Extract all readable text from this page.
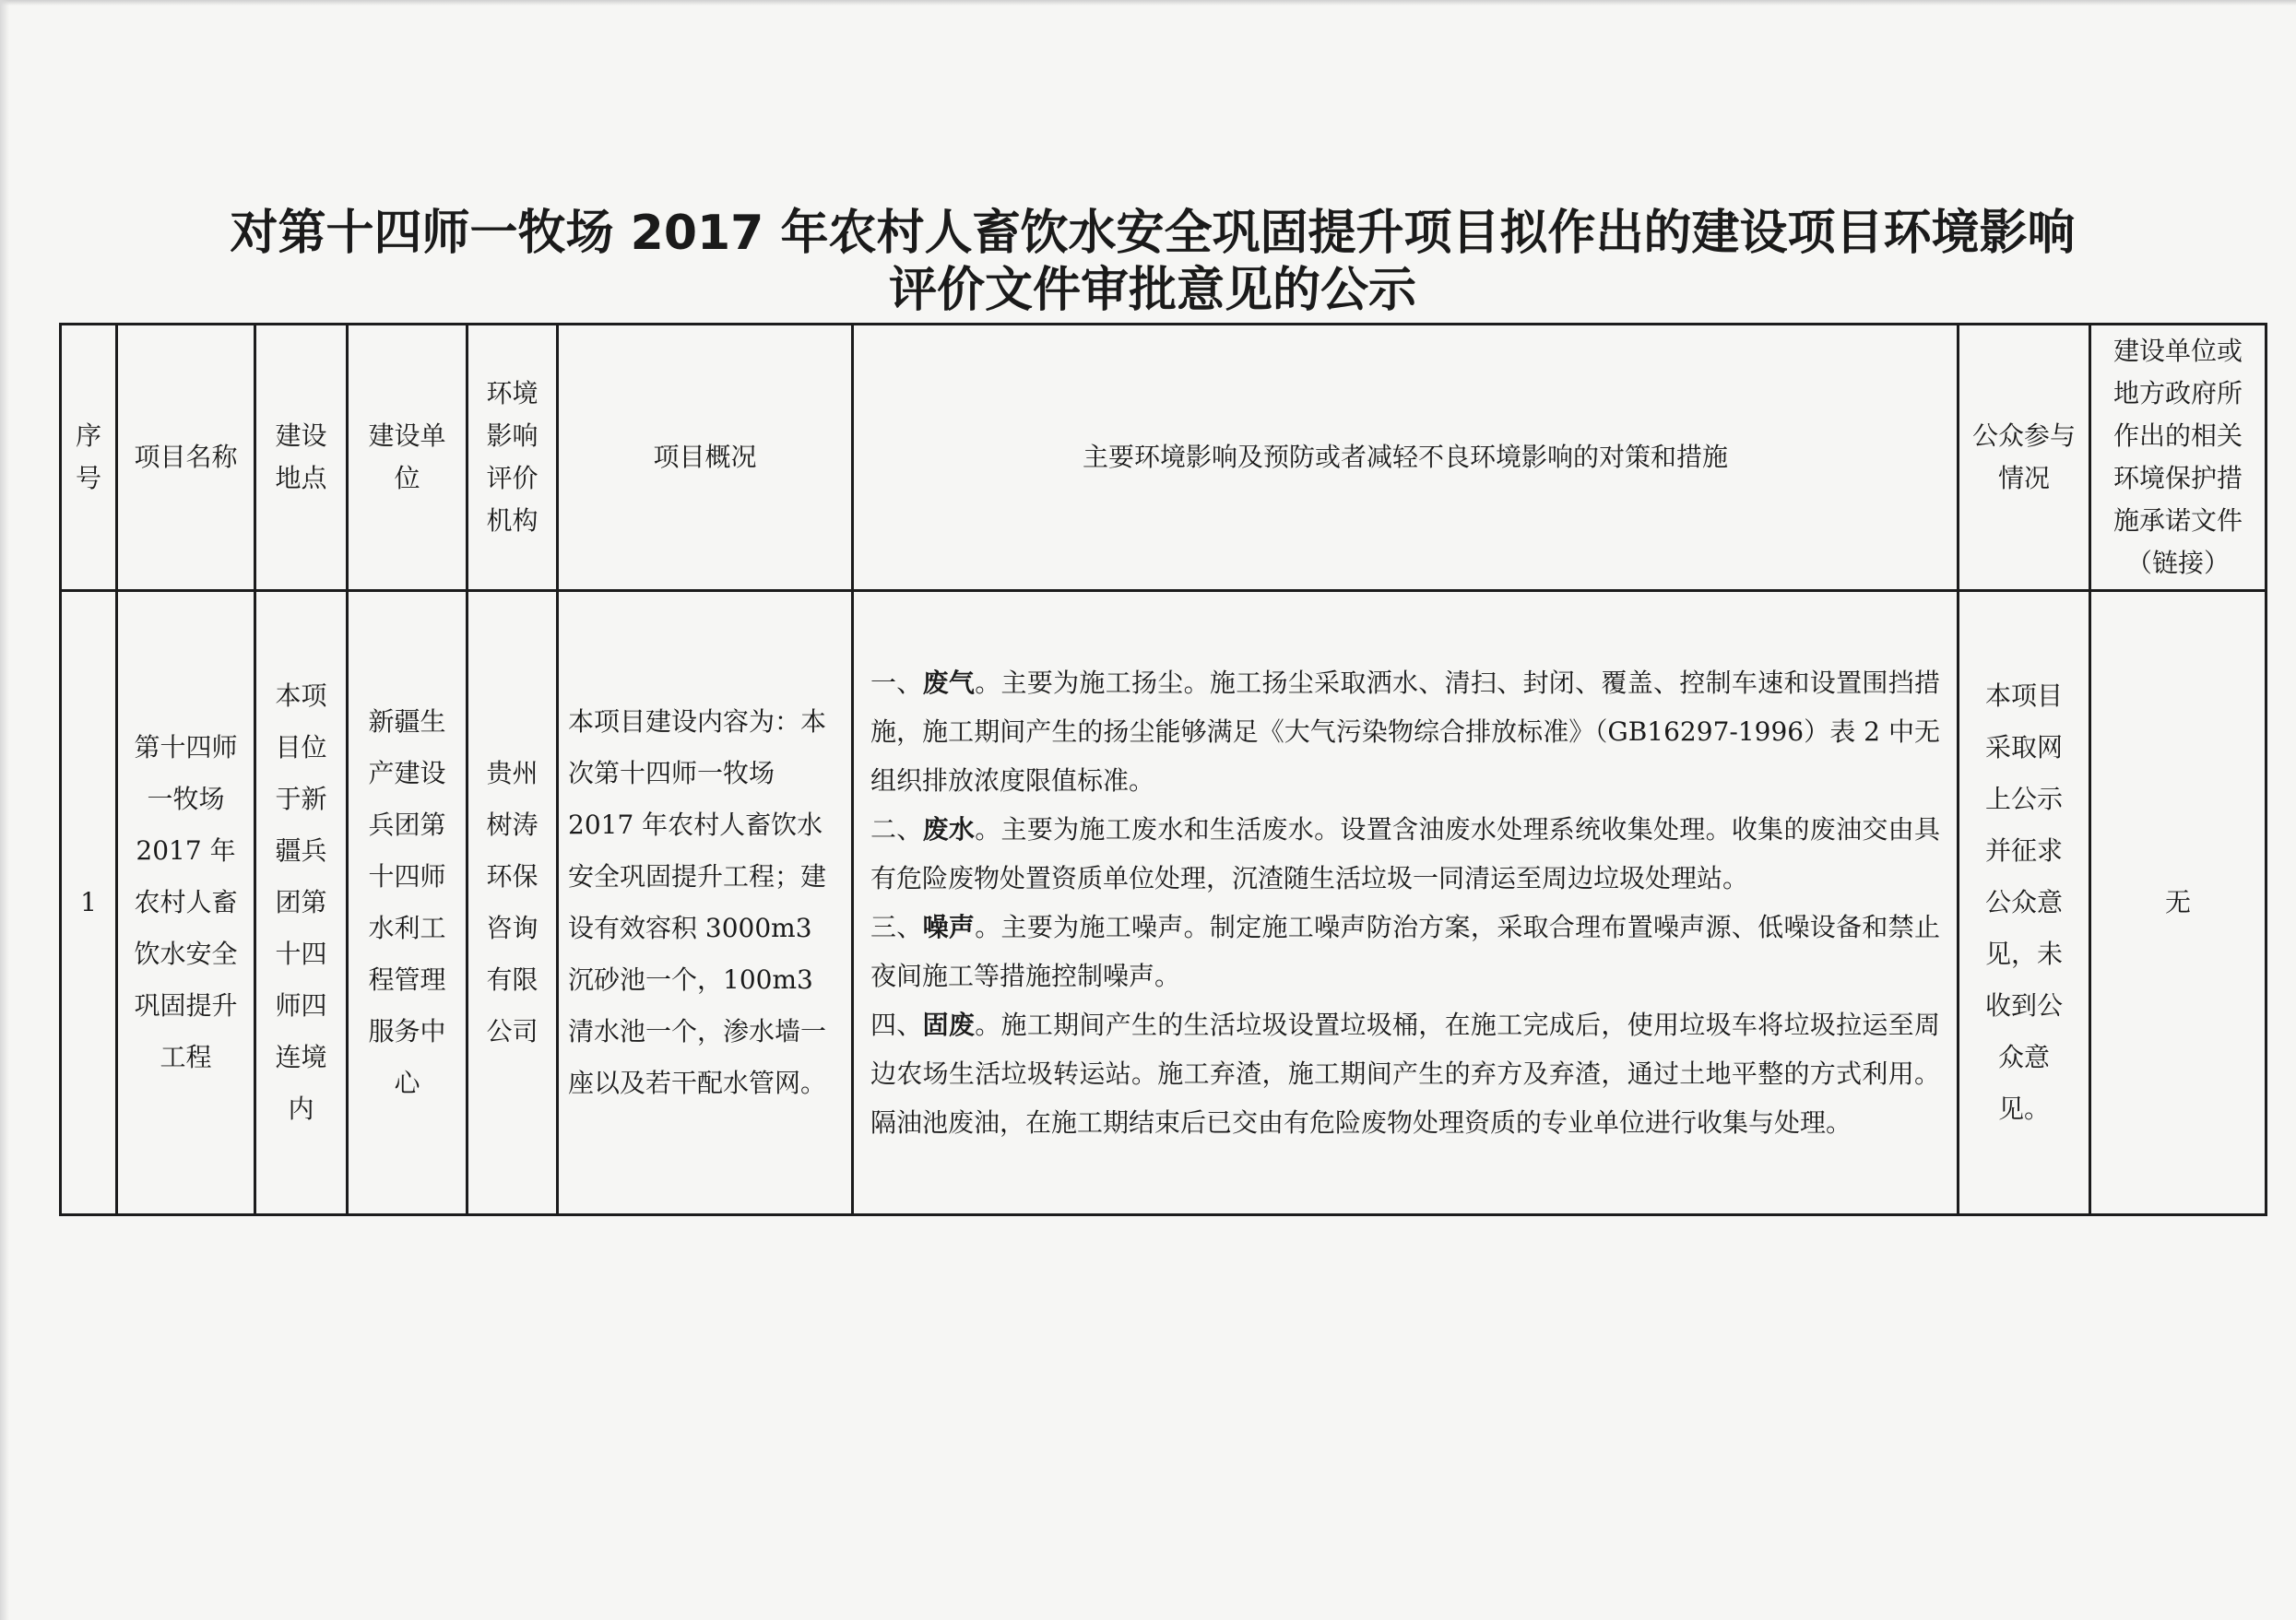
对第十四师一牧场 2017 年农村人畜饮水安全巩固提升项目拟作出的建设项目环境影响
评价文件审批意见的公示
序号	项目名称	建设地点	建设单位	环境影响评价机构	项目概况	主要环境影响及预防或者减轻不良环境影响的对策和措施	公众参与情况	建设单位或地方政府所作出的相关环境保护措施承诺文件（链接）
1	第十四师一牧场 2017 年农村人畜饮水安全巩固提升工程	本项目位于新疆兵团第十四师四连境内	新疆生产建设兵团第十四师水利工程管理服务中心	贵州树涛环保咨询有限公司	本项目建设内容为：本次第十四师一牧场 2017 年农村人畜饮水安全巩固提升工程；建设有效容积 3000m3 沉砂池一个，100m3 清水池一个，渗水墙一 座以及若干配水管网。	一、废气。主要为施工扬尘。施工扬尘采取洒水、清扫、封闭、覆盖、控制车速和设置围挡措施，施工期间产生的扬尘能够满足《大气污染物综合排放标准》（GB16297-1996）表 2 中无组织排放浓度限值标准。
二、废水。主要为施工废水和生活废水。设置含油废水处理系统收集处理。收集的废油交由具有危险废物处置资质单位处理，沉渣随生活垃圾一同清运至周边垃圾处理站。
三、噪声。主要为施工噪声。制定施工噪声防治方案，采取合理布置噪声源、低噪设备和禁止夜间施工等措施控制噪声。
四、固废。施工期间产生的生活垃圾设置垃圾桶，在施工完成后，使用垃圾车将垃圾拉运至周边农场生活垃圾转运站。施工弃渣，施工期间产生的弃方及弃渣，通过土地平整的方式利用。隔油池废油，在施工期结束后已交由有危险废物处理资质的专业单位进行收集与处理。	本项目采取网上公示并征求公众意见，未收到公众意见。	无
